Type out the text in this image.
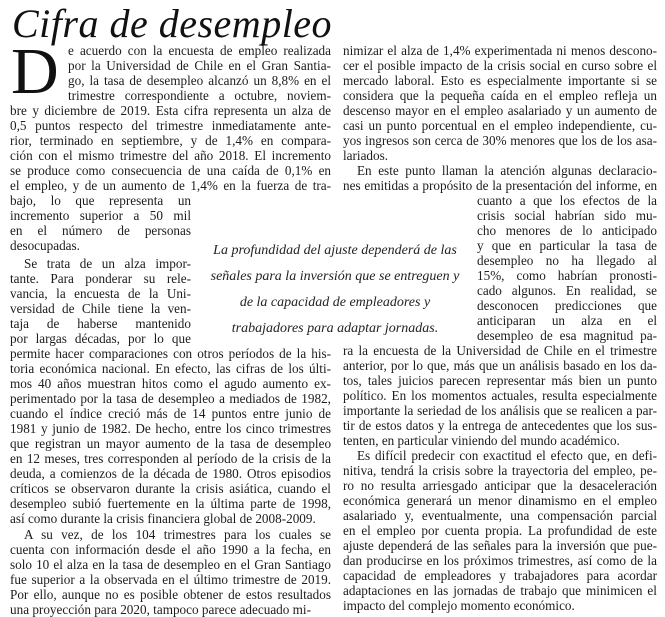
Cifra de desempleo
D e acuerdo con la encuesta de empleo realizada
por la Universidad de Chile en el Gran Santia-
go, la tasa de desempleo alcanzó un 8,8% en el
trimestre correspondiente a octubre, noviem-
bre y diciembre de 2019. Esta cifra representa un alza de
0,5 puntos respecto del trimestre inmediatamente ante-
rior, terminado en septiembre, y de 1,4% en compara-
ción con el mismo trimestre del año 2018. El incremento
se produce como consecuencia de una caída de 0,1% en
el empleo, y de un aumento de 1,4% en la fuerza de tra-
bajo, lo que representa un
incremento superior a 50 mil
en el número de personas
desocupadas.
Se trata de un alza impor-
tante. Para ponderar su rele-
vancia, la encuesta de la Uni-
versidad de Chile tiene la ven-
taja de haberse mantenido
por largas décadas, por lo que
permite hacer comparaciones con otros períodos de la his-
toria económica nacional. En efecto, las cifras de los últi-
mos 40 años muestran hitos como el agudo aumento ex-
perimentado por la tasa de desempleo a mediados de 1982,
cuando el índice creció más de 14 puntos entre junio de
1981 y junio de 1982. De hecho, entre los cinco trimestres
que registran un mayor aumento de la tasa de desempleo
en 12 meses, tres corresponden al período de la crisis de la
deuda, a comienzos de la década de 1980. Otros episodios
críticos se observaron durante la crisis asiática, cuando el
desempleo subió fuertemente en la última parte de 1998,
así como durante la crisis financiera global de 2008-2009.
A su vez, de los 104 trimestres para los cuales se
cuenta con información desde el año 1990 a la fecha, en
solo 10 el alza en la tasa de desempleo en el Gran Santiago
fue superior a la observada en el último trimestre de 2019.
Por ello, aunque no es posible obtener de estos resultados
una proyección para 2020, tampoco parece adecuado mi-
nimizar el alza de 1,4% experimentada ni menos descono-
cer el posible impacto de la crisis social en curso sobre el
mercado laboral. Esto es especialmente importante si se
considera que la pequeña caída en el empleo refleja un
descenso mayor en el empleo asalariado y un aumento de
casi un punto porcentual en el empleo independiente, cu-
yos ingresos son cerca de 30% menores que los de los asa-
lariados.
En este punto llaman la atención algunas declaracio-
nes emitidas a propósito de la presentación del informe, en
cuanto a que los efectos de la
crisis social habrían sido mu-
cho menores de lo anticipado
y que en particular la tasa de
desempleo no ha llegado al
15%, como habrían pronosti-
cado algunos. En realidad, se
desconocen predicciones que
anticiparan un alza en el
desempleo de esa magnitud pa-
ra la encuesta de la Universidad de Chile en el trimestre
anterior, por lo que, más que un análisis basado en los da-
tos, tales juicios parecen representar más bien un punto
político. En los momentos actuales, resulta especialmente
importante la seriedad de los análisis que se realicen a par-
tir de estos datos y la entrega de antecedentes que los sus-
tenten, en particular viniendo del mundo académico.
Es difícil predecir con exactitud el efecto que, en defi-
nitiva, tendrá la crisis sobre la trayectoria del empleo, pe-
ro no resulta arriesgado anticipar que la desaceleración
económica generará un menor dinamismo en el empleo
asalariado y, eventualmente, una compensación parcial
en el empleo por cuenta propia. La profundidad de este
ajuste dependerá de las señales para la inversión que pue-
dan producirse en los próximos trimestres, así como de la
capacidad de empleadores y trabajadores para acordar
adaptaciones en las jornadas de trabajo que minimicen el
impacto del complejo momento económico.
La profundidad del ajuste dependerá de las
señales para la inversión que se entreguen y
de la capacidad de empleadores y
trabajadores para adaptar jornadas.
